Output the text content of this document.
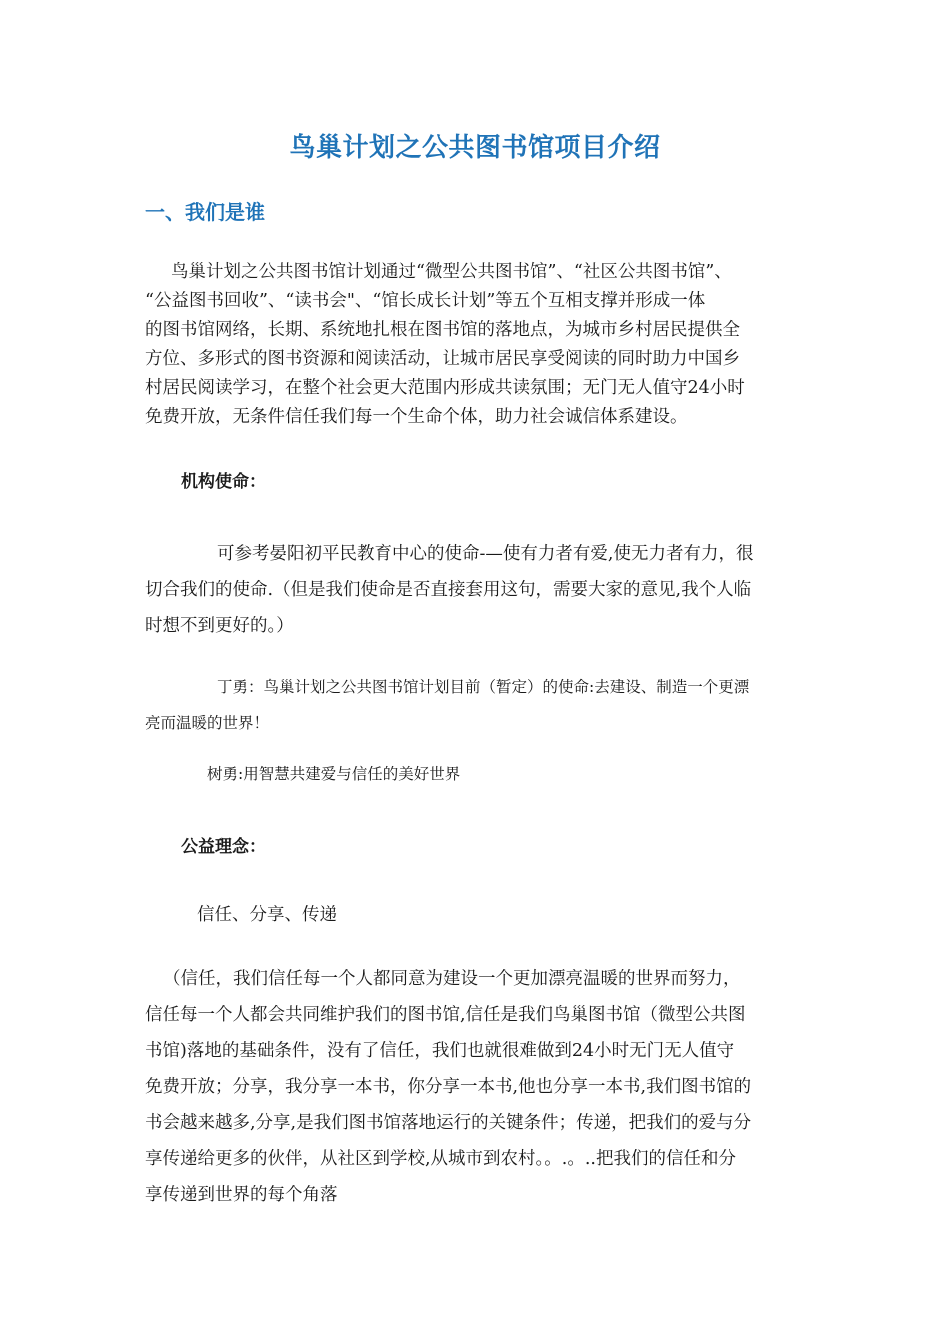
鸟巢计划之公共图书馆项目介绍
一、我们是谁

鸟巢计划之公共图书馆计划通过“微型公共图书馆”、“社区公共图书馆”、
“公益图书回收”、“读书会"、“馆长成长计划”等五个互相支撑并形成一体
的图书馆网络，长期、系统地扎根在图书馆的落地点，为城市乡村居民提供全
方位、多形式的图书资源和阅读活动，让城市居民享受阅读的同时助力中国乡
村居民阅读学习，在整个社会更大范围内形成共读氛围；无门无人值守24小时
免费开放，无条件信任我们每一个生命个体，助力社会诚信体系建设。

机构使命：

可参考晏阳初平民教育中心的使命-—使有力者有爱,使无力者有力，很
切合我们的使命.（但是我们使命是否直接套用这句，需要大家的意见,我个人临
时想不到更好的。）

丁勇：鸟巢计划之公共图书馆计划目前（暂定）的使命:去建设、制造一个更漂
亮而温暖的世界！

树勇:用智慧共建爱与信任的美好世界

公益理念：

信任、分享、传递

（信任，我们信任每一个人都同意为建设一个更加漂亮温暖的世界而努力，
信任每一个人都会共同维护我们的图书馆,信任是我们鸟巢图书馆（微型公共图
书馆)落地的基础条件，没有了信任，我们也就很难做到24小时无门无人值守
免费开放；分享，我分享一本书，你分享一本书,他也分享一本书,我们图书馆的
书会越来越多,分享,是我们图书馆落地运行的关键条件；传递，把我们的爱与分
享传递给更多的伙伴，从社区到学校,从城市到农村。。.。..把我们的信任和分
享传递到世界的每个角落
